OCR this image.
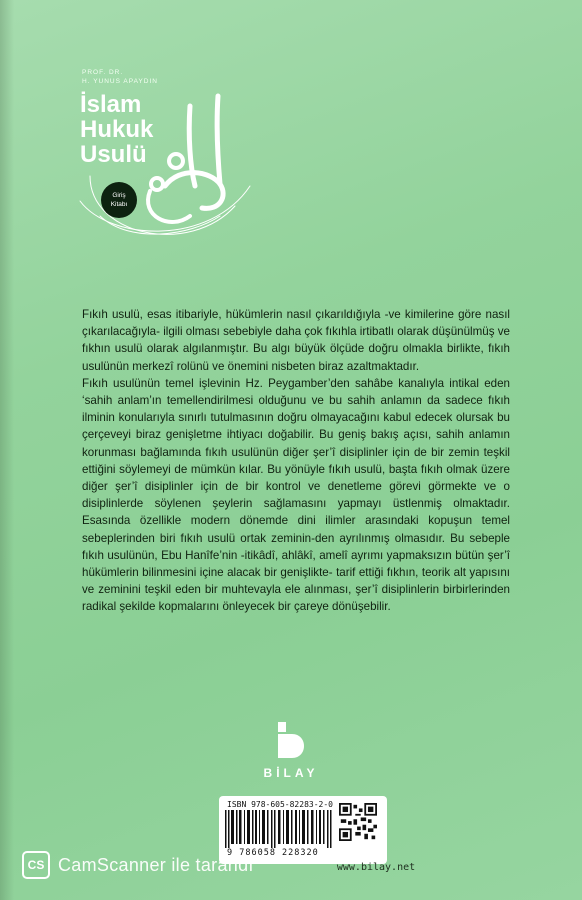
PROF. DR.
H. YUNUS APAYDIN
İslam
Hukuk
Usulü
Giriş
Kitabı

Fıkıh usulü, esas itibariyle, hükümlerin nasıl çıkarıldığıyla -ve kimilerine göre nasıl çıkarılacağıyla- ilgili olması sebebiyle daha çok fıkıhla irtibatlı olarak düşünülmüş ve fıkhın usulü olarak algılanmıştır. Bu algı büyük ölçüde doğru olmakla birlikte, fıkıh usulünün merkezî rolünü ve önemini nisbeten biraz azaltmaktadır.

Fıkıh usulünün temel işlevinin Hz. Peygamber’den sahâbe kanalıyla intikal eden ‘sahih anlam’ın temellendirilmesi olduğunu ve bu sahih anlamın da sadece fıkıh ilminin konularıyla sınırlı tutulmasının doğru olmayacağını kabul edecek olursak bu çerçeveyi biraz genişletme ihtiyacı doğabilir. Bu geniş bakış açısı, sahih anlamın korunması bağlamında fıkıh usulünün diğer şer’î disiplinler için de bir zemin teşkil ettiğini söylemeyi de mümkün kılar. Bu yönüyle fıkıh usulü, başta fıkıh olmak üzere diğer şer’î disiplinler için de bir kontrol ve denetleme görevi görmekte ve o disiplinlerde söylenen şeylerin sağlamasını yapmayı üstlenmiş olmaktadır. Esasında özellikle modern dönemde dini ilimler arasındaki kopuşun temel sebeplerinden biri fıkıh usulü ortak zeminin-den ayrılınmış olmasıdır. Bu sebeple fıkıh usulünün, Ebu Hanîfe’nin -itikâdî, ahlâkî, amelî ayrımı yapmaksızın bütün şer’î hükümlerin bilinmesini içine alacak bir genişlikte- tarif ettiği fıkhın, teorik alt yapısını ve zeminini teşkil eden bir muhtevayla ele alınması, şer’î disiplinlerin birbirlerinden radikal şekilde kopmalarını önleyecek bir çareye dönüşebilir.

BİLAY
ISBN 978-605-82283-2-0
9 786058 228320
www.bilay.net
CS CamScanner ile tarandı
